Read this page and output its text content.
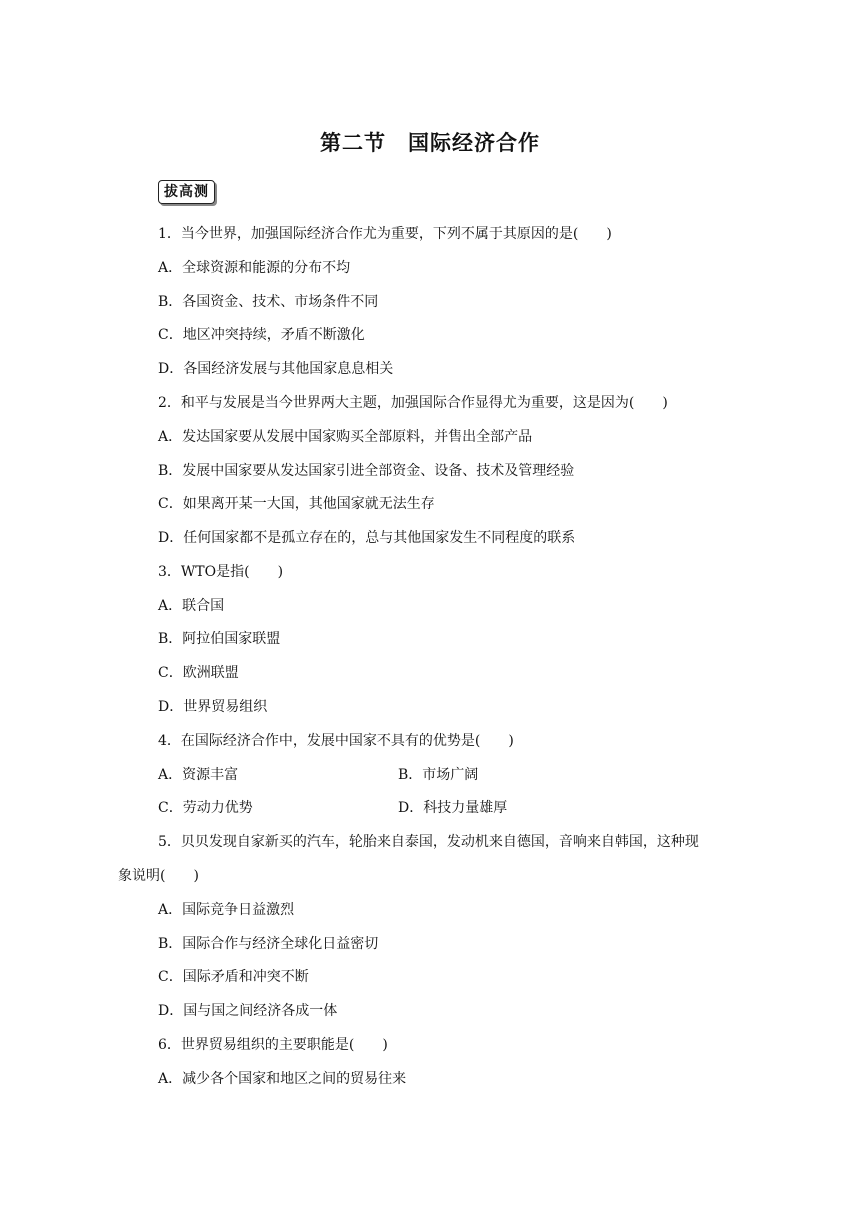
第二节　国际经济合作
拔高测
1．当今世界，加强国际经济合作尤为重要，下列不属于其原因的是(　　)
A．全球资源和能源的分布不均
B．各国资金、技术、市场条件不同
C．地区冲突持续，矛盾不断激化
D．各国经济发展与其他国家息息相关
2．和平与发展是当今世界两大主题，加强国际合作显得尤为重要，这是因为(　　)
A．发达国家要从发展中国家购买全部原料，并售出全部产品
B．发展中国家要从发达国家引进全部资金、设备、技术及管理经验
C．如果离开某一大国，其他国家就无法生存
D．任何国家都不是孤立存在的，总与其他国家发生不同程度的联系
3．WTO是指(　　)
A．联合国
B．阿拉伯国家联盟
C．欧洲联盟
D．世界贸易组织
4．在国际经济合作中，发展中国家不具有的优势是(　　)
A．资源丰富	B．市场广阔
C．劳动力优势	D．科技力量雄厚
5．贝贝发现自家新买的汽车，轮胎来自泰国，发动机来自德国，音响来自韩国，这种现
象说明(　　)
A．国际竞争日益激烈
B．国际合作与经济全球化日益密切
C．国际矛盾和冲突不断
D．国与国之间经济各成一体
6．世界贸易组织的主要职能是(　　)
A．减少各个国家和地区之间的贸易往来
